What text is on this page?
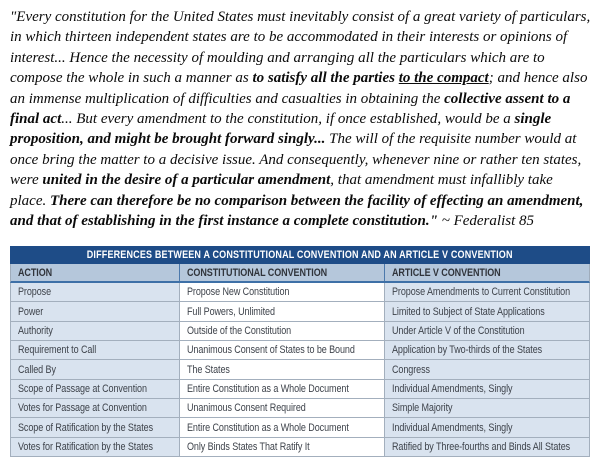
"Every constitution for the United States must inevitably consist of a great variety of particulars, in which thirteen independent states are to be accommodated in their interests or opinions of interest... Hence the necessity of moulding and arranging all the particulars which are to compose the whole in such a manner as to satisfy all the parties to the compact; and hence also an immense multiplication of difficulties and casualties in obtaining the collective assent to a final act... But every amendment to the constitution, if once established, would be a single proposition, and might be brought forward singly... The will of the requisite number would at once bring the matter to a decisive issue. And consequently, whenever nine or rather ten states, were united in the desire of a particular amendment, that amendment must infallibly take place. There can therefore be no comparison between the facility of effecting an amendment, and that of establishing in the first instance a complete constitution." ~ Federalist 85

DIFFERENCES BETWEEN A CONSTITUTIONAL CONVENTION AND AN ARTICLE V CONVENTION
ACTION	CONSTITUTIONAL CONVENTION	ARTICLE V CONVENTION
Propose	Propose New Constitution	Propose Amendments to Current Constitution
Power	Full Powers, Unlimited	Limited to Subject of State Applications
Authority	Outside of the Constitution	Under Article V of the Constitution
Requirement to Call	Unanimous Consent of States to be Bound	Application by Two-thirds of the States
Called By	The States	Congress
Scope of Passage at Convention	Entire Constitution as a Whole Document	Individual Amendments, Singly
Votes for Passage at Convention	Unanimous Consent Required	Simple Majority
Scope of Ratification by the States	Entire Constitution as a Whole Document	Individual Amendments, Singly
Votes for Ratification by the States	Only Binds States That Ratify It	Ratified by Three-fourths and Binds All States
